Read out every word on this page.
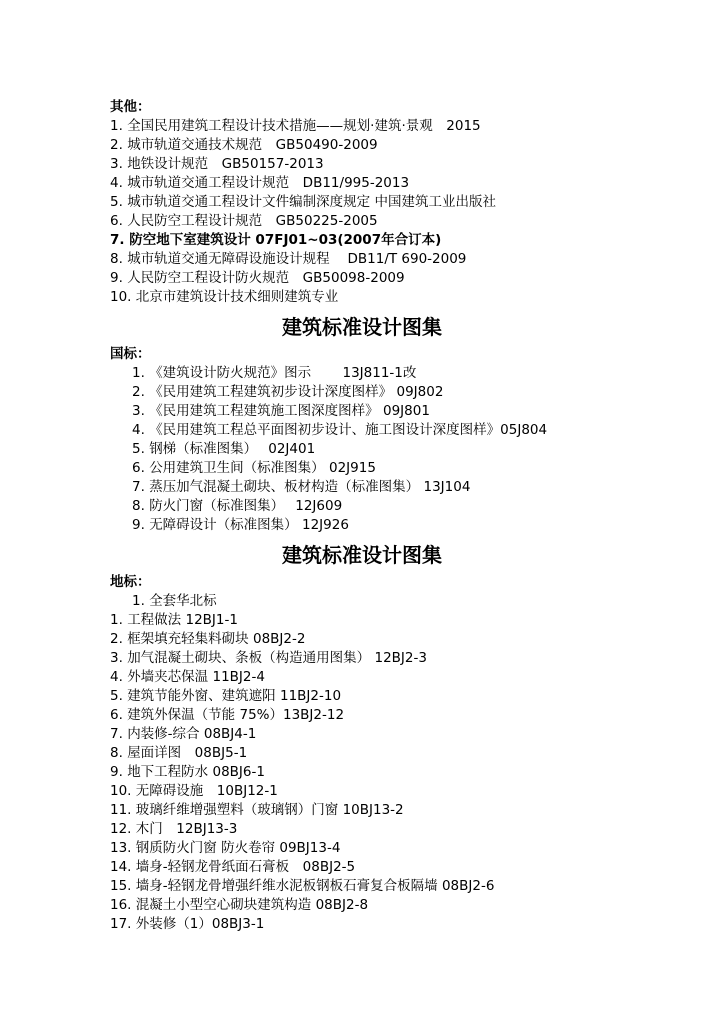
其他：
1. 全国民用建筑工程设计技术措施——规划·建筑·景观　2015
2. 城市轨道交通技术规范　GB50490-2009
3. 地铁设计规范　GB50157-2013
4. 城市轨道交通工程设计规范　DB11/995-2013
5. 城市轨道交通工程设计文件编制深度规定 中国建筑工业出版社
6. 人民防空工程设计规范　GB50225-2005
7. 防空地下室建筑设计 07FJ01~03(2007年合订本)
8. 城市轨道交通无障碍设施设计规程　 DB11/T 690-2009
9. 人民防空工程设计防火规范　GB50098-2009
10. 北京市建筑设计技术细则建筑专业
建筑标准设计图集
国标：
1. 《建筑设计防火规范》图示　　 13J811-1改
2. 《民用建筑工程建筑初步设计深度图样》 09J802
3. 《民用建筑工程建筑施工图深度图样》 09J801
4. 《民用建筑工程总平面图初步设计、施工图设计深度图样》05J804
5. 钢梯（标准图集）　 02J401
6. 公用建筑卫生间（标准图集） 02J915
7. 蒸压加气混凝土砌块、板材构造（标准图集） 13J104
8. 防火门窗（标准图集）　 12J609
9. 无障碍设计（标准图集） 12J926
建筑标准设计图集
地标：
1. 全套华北标
1. 工程做法 12BJ1-1
2. 框架填充轻集料砌块 08BJ2-2
3. 加气混凝土砌块、条板（构造通用图集） 12BJ2-3
4. 外墙夹芯保温 11BJ2-4
5. 建筑节能外窗、建筑遮阳 11BJ2-10
6. 建筑外保温（节能 75%）13BJ2-12
7. 内装修-综合 08BJ4-1
8. 屋面详图　08BJ5-1
9. 地下工程防水 08BJ6-1
10. 无障碍设施　10BJ12-1
11. 玻璃纤维增强塑料（玻璃钢）门窗 10BJ13-2
12. 木门　12BJ13-3
13. 钢质防火门窗 防火卷帘 09BJ13-4
14. 墙身-轻钢龙骨纸面石膏板　08BJ2-5
15. 墙身-轻钢龙骨增强纤维水泥板钢板石膏复合板隔墙 08BJ2-6
16. 混凝土小型空心砌块建筑构造 08BJ2-8
17. 外装修（1）08BJ3-1
